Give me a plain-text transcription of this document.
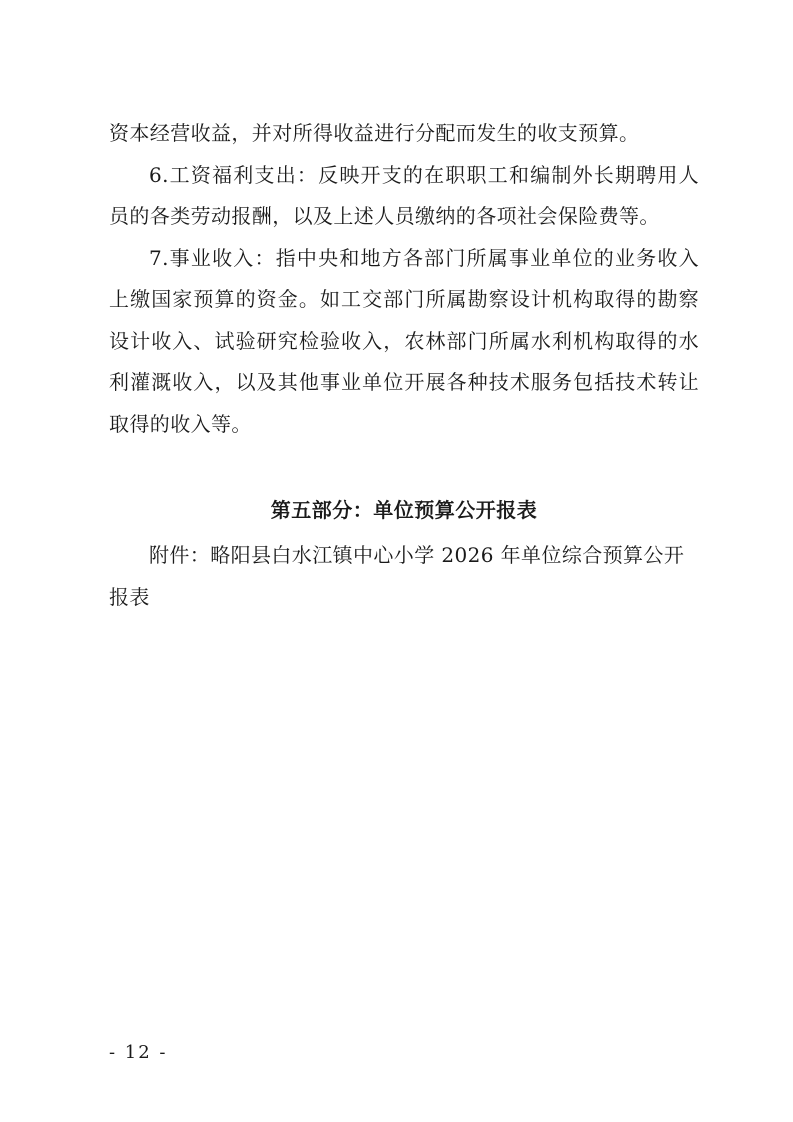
资本经营收益，并对所得收益进行分配而发生的收支预算。

6.工资福利支出：反映开支的在职职工和编制外长期聘用人员的各类劳动报酬，以及上述人员缴纳的各项社会保险费等。

7.事业收入：指中央和地方各部门所属事业单位的业务收入上缴国家预算的资金。如工交部门所属勘察设计机构取得的勘察设计收入、试验研究检验收入，农林部门所属水利机构取得的水利灌溉收入，以及其他事业单位开展各种技术服务包括技术转让取得的收入等。

第五部分：单位预算公开报表

附件：略阳县白水江镇中心小学 2026 年单位综合预算公开报表

- 12 -
